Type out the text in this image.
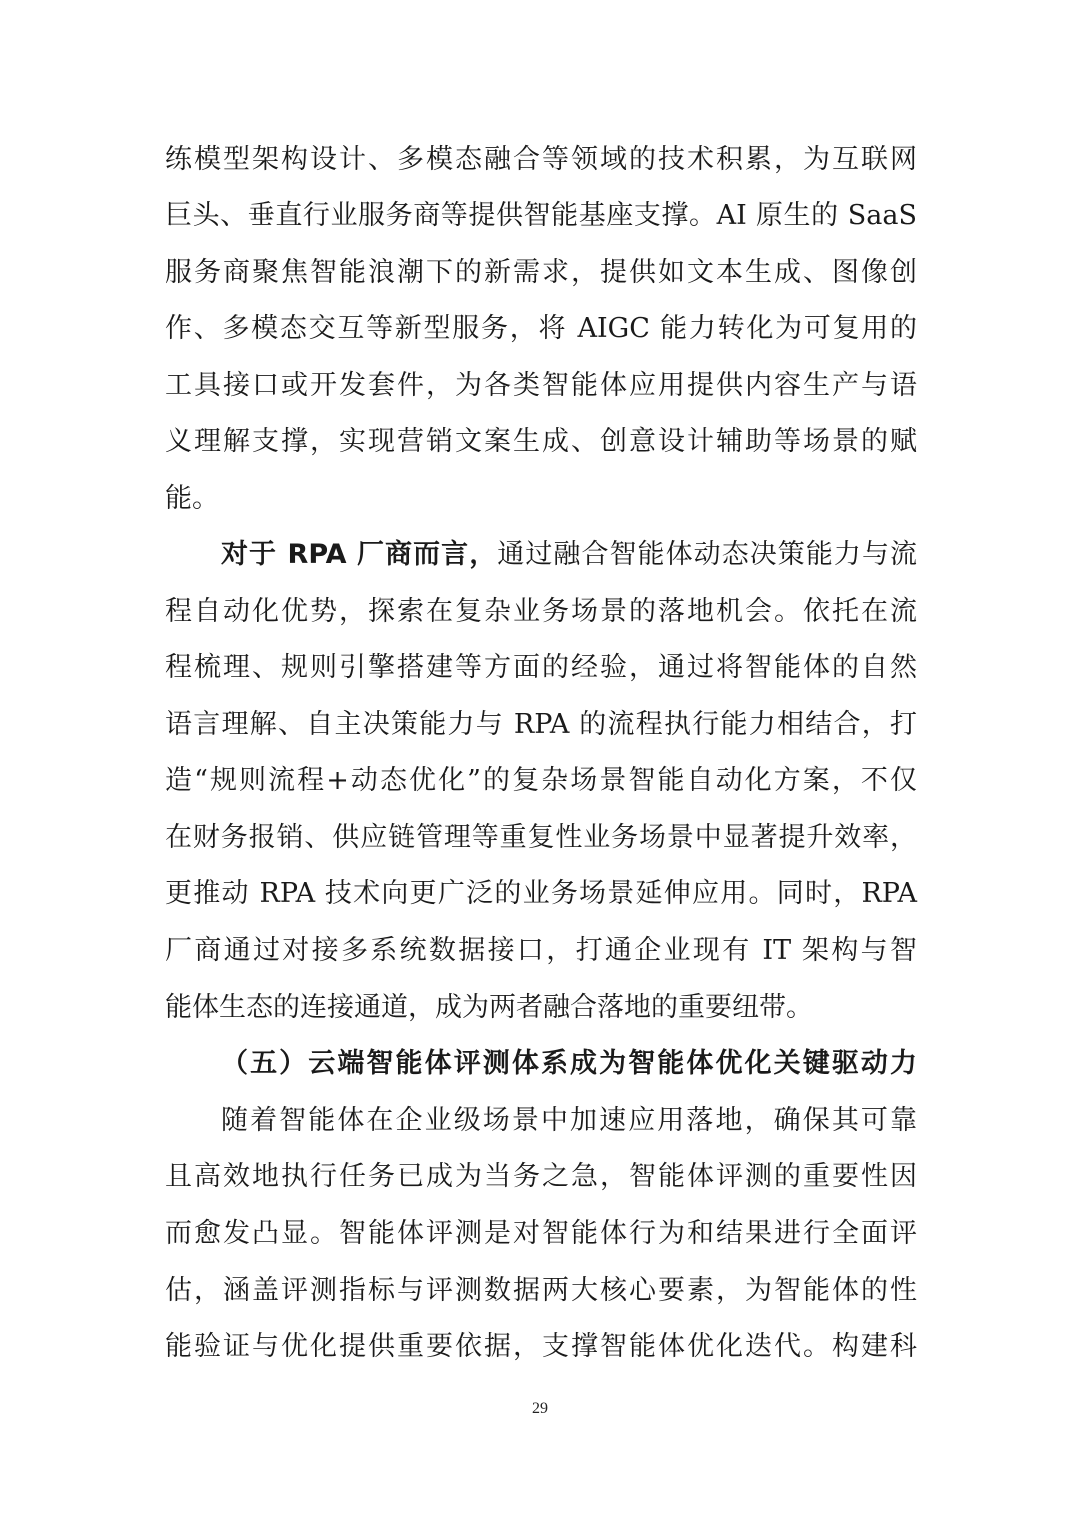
练模型架构设计、多模态融合等领域的技术积累，为互联网
巨头、垂直行业服务商等提供智能基座支撑。AI 原生的 SaaS
服务商聚焦智能浪潮下的新需求，提供如文本生成、图像创
作、多模态交互等新型服务，将 AIGC 能力转化为可复用的
工具接口或开发套件，为各类智能体应用提供内容生产与语
义理解支撑，实现营销文案生成、创意设计辅助等场景的赋
能。
对于 RPA 厂商而言，通过融合智能体动态决策能力与流
程自动化优势，探索在复杂业务场景的落地机会。依托在流
程梳理、规则引擎搭建等方面的经验，通过将智能体的自然
语言理解、自主决策能力与 RPA 的流程执行能力相结合，打
造“规则流程+动态优化”的复杂场景智能自动化方案，不仅
在财务报销、供应链管理等重复性业务场景中显著提升效率，
更推动 RPA 技术向更广泛的业务场景延伸应用。同时，RPA
厂商通过对接多系统数据接口，打通企业现有 IT 架构与智
能体生态的连接通道，成为两者融合落地的重要纽带。
（五）云端智能体评测体系成为智能体优化关键驱动力
随着智能体在企业级场景中加速应用落地，确保其可靠
且高效地执行任务已成为当务之急，智能体评测的重要性因
而愈发凸显。智能体评测是对智能体行为和结果进行全面评
估，涵盖评测指标与评测数据两大核心要素，为智能体的性
能验证与优化提供重要依据，支撑智能体优化迭代。构建科
29
